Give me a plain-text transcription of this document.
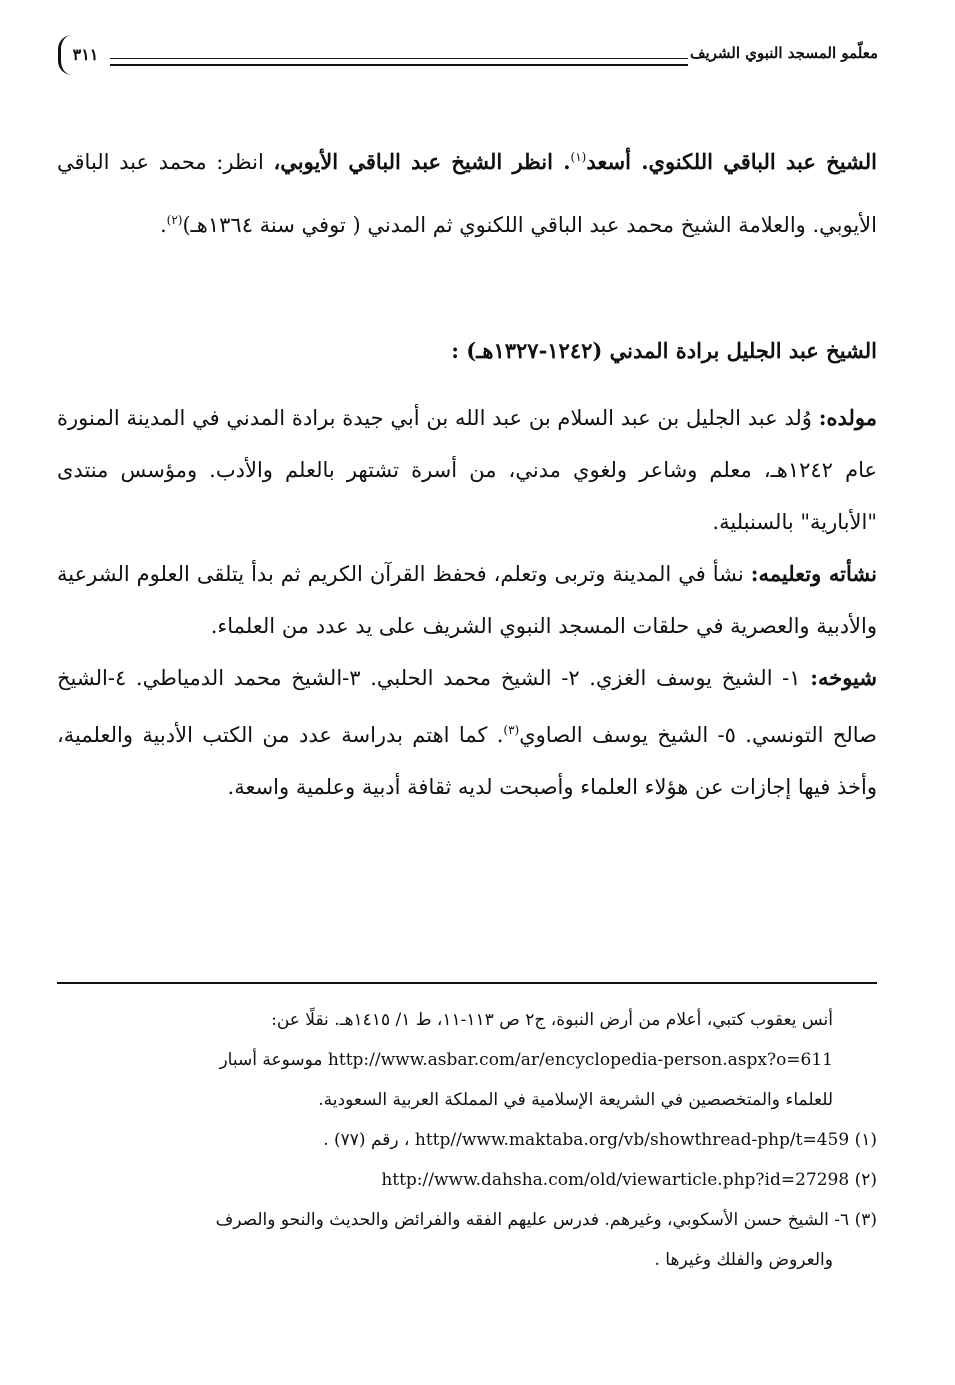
معلّمو المسجد النبوي الشريف
٣١١

الشيخ عبد الباقي اللكنوي. أسعد$^{(١)}$. انظر الشيخ عبد الباقي الأيوبي، انظر: محمد عبد الباقي الأيوبي. والعلامة الشيخ محمد عبد الباقي اللكنوي ثم المدني ( توفي سنة ١٣٦٤هـ)$^{(٢)}$.

الشيخ عبد الجليل برادة المدني (١٢٤٢-١٣٢٧هـ) :

مولده: وُلد عبد الجليل بن عبد السلام بن عبد الله بن أبي جيدة برادة المدني في المدينة المنورة عام ١٢٤٢هـ، معلم وشاعر ولغوي مدني، من أسرة تشتهر بالعلم والأدب. ومؤسس منتدى "الأبارية" بالسنبلية.

نشأته وتعليمه: نشأ في المدينة وتربى وتعلم، فحفظ القرآن الكريم ثم بدأ يتلقى العلوم الشرعية والأدبية والعصرية في حلقات المسجد النبوي الشريف على يد عدد من العلماء.

شيوخه: ١- الشيخ يوسف الغزي. ٢- الشيخ محمد الحلبي. ٣-الشيخ محمد الدمياطي. ٤-الشيخ صالح التونسي. ٥- الشيخ يوسف الصاوي$^{(٣)}$. كما اهتم بدراسة عدد من الكتب الأدبية والعلمية، وأخذ فيها إجازات عن هؤلاء العلماء وأصبحت لديه ثقافة أدبية وعلمية واسعة.

أنس يعقوب كتبي، أعلام من أرض النبوة، ج٢ ص ١١٣-١١، ط ١/ ١٤١٥هـ. نقلًا عن:

http://www.asbar.com/ar/encyclopedia-person.aspx?o=611 موسوعة أسبار

للعلماء والمتخصصين في الشريعة الإسلامية في المملكة العربية السعودية.

(١) http//www.maktaba.org/vb/showthread-php/t=459 ، رقم (٧٧) .

(٢) http://www.dahsha.com/old/viewarticle.php?id=27298

(٣) ٦- الشيخ حسن الأسكوبي، وغيرهم. فدرس عليهم الفقه والفرائض والحديث والنحو والصرف

والعروض والفلك وغيرها .
